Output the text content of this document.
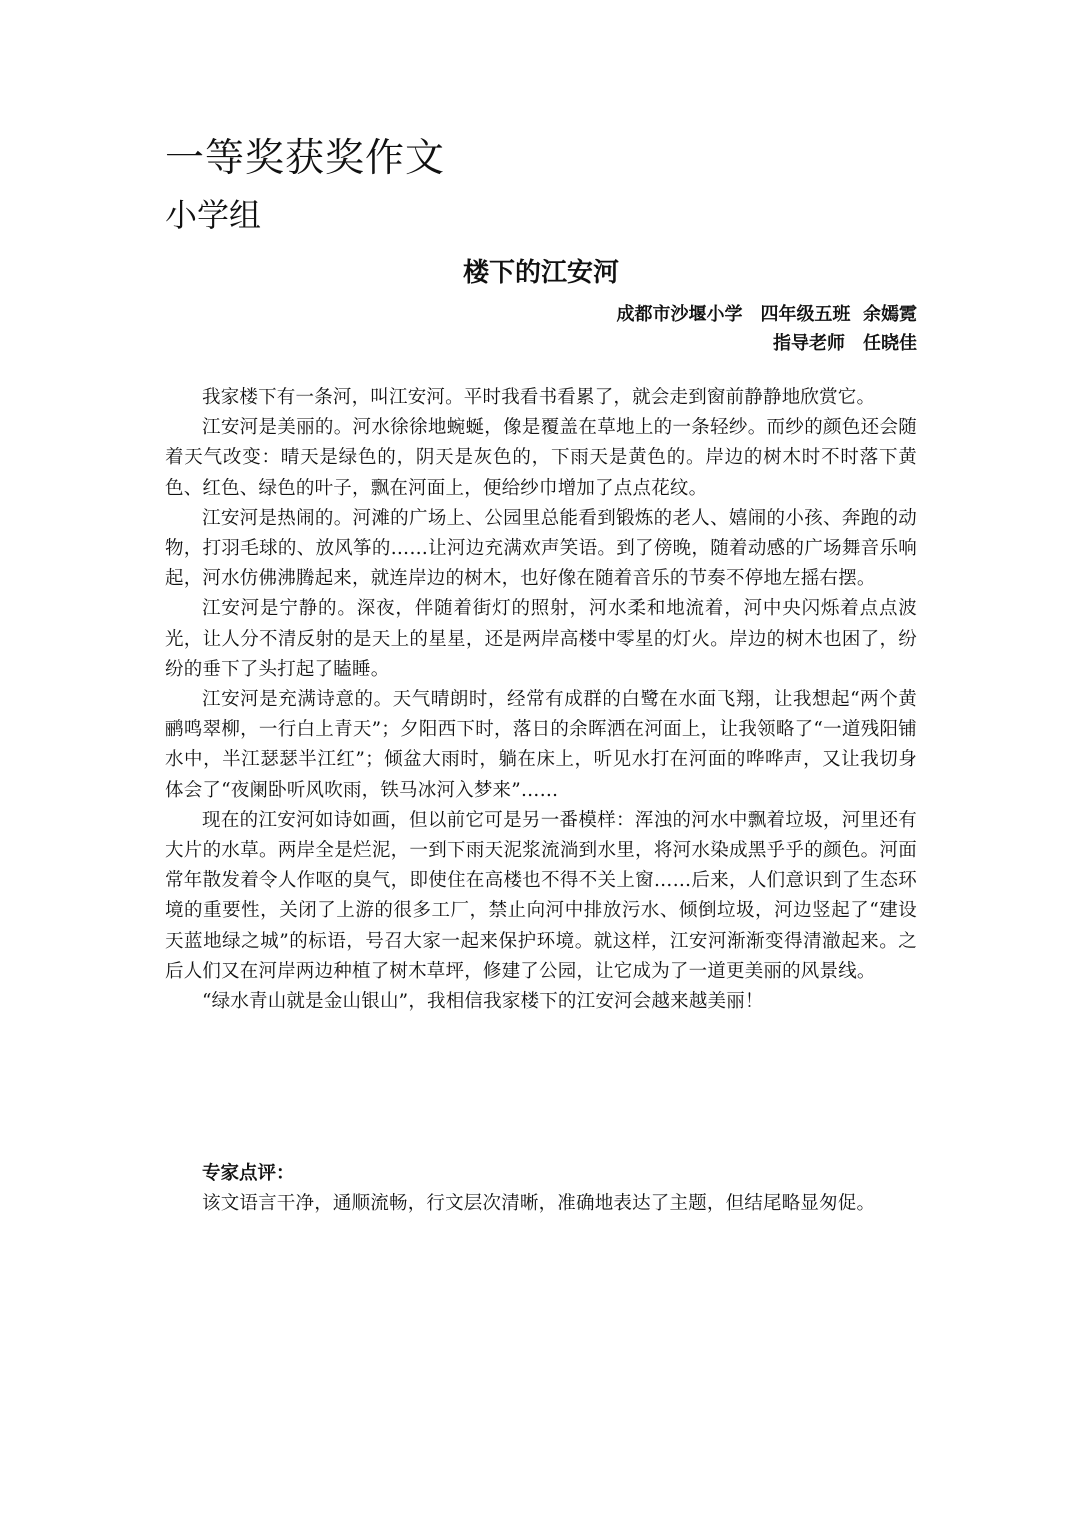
一等奖获奖作文
小学组
楼下的江安河
成都市沙堰小学　四年级五班  余嫣霓
指导老师　任晓佳

我家楼下有一条河，叫江安河。平时我看书看累了，就会走到窗前静静地欣赏它。

江安河是美丽的。河水徐徐地蜿蜒，像是覆盖在草地上的一条轻纱。而纱的颜色还会随着天气改变：晴天是绿色的，阴天是灰色的，下雨天是黄色的。岸边的树木时不时落下黄色、红色、绿色的叶子，飘在河面上，便给纱巾增加了点点花纹。

江安河是热闹的。河滩的广场上、公园里总能看到锻炼的老人、嬉闹的小孩、奔跑的动物，打羽毛球的、放风筝的……让河边充满欢声笑语。到了傍晚，随着动感的广场舞音乐响起，河水仿佛沸腾起来，就连岸边的树木，也好像在随着音乐的节奏不停地左摇右摆。

江安河是宁静的。深夜，伴随着街灯的照射，河水柔和地流着，河中央闪烁着点点波光，让人分不清反射的是天上的星星，还是两岸高楼中零星的灯火。岸边的树木也困了，纷纷的垂下了头打起了瞌睡。

江安河是充满诗意的。天气晴朗时，经常有成群的白鹭在水面飞翔，让我想起“两个黄鹂鸣翠柳，一行白上青天”；夕阳西下时，落日的余晖洒在河面上，让我领略了“一道残阳铺水中，半江瑟瑟半江红”；倾盆大雨时，躺在床上，听见水打在河面的哗哗声，又让我切身体会了“夜阑卧听风吹雨，铁马冰河入梦来”……

现在的江安河如诗如画，但以前它可是另一番模样：浑浊的河水中飘着垃圾，河里还有大片的水草。两岸全是烂泥，一到下雨天泥浆流淌到水里，将河水染成黑乎乎的颜色。河面常年散发着令人作呕的臭气，即使住在高楼也不得不关上窗……后来，人们意识到了生态环境的重要性，关闭了上游的很多工厂，禁止向河中排放污水、倾倒垃圾，河边竖起了“建设天蓝地绿之城”的标语，号召大家一起来保护环境。就这样，江安河渐渐变得清澈起来。之后人们又在河岸两边种植了树木草坪，修建了公园，让它成为了一道更美丽的风景线。

“绿水青山就是金山银山”，我相信我家楼下的江安河会越来越美丽！

专家点评：

该文语言干净，通顺流畅，行文层次清晰，准确地表达了主题，但结尾略显匆促。
